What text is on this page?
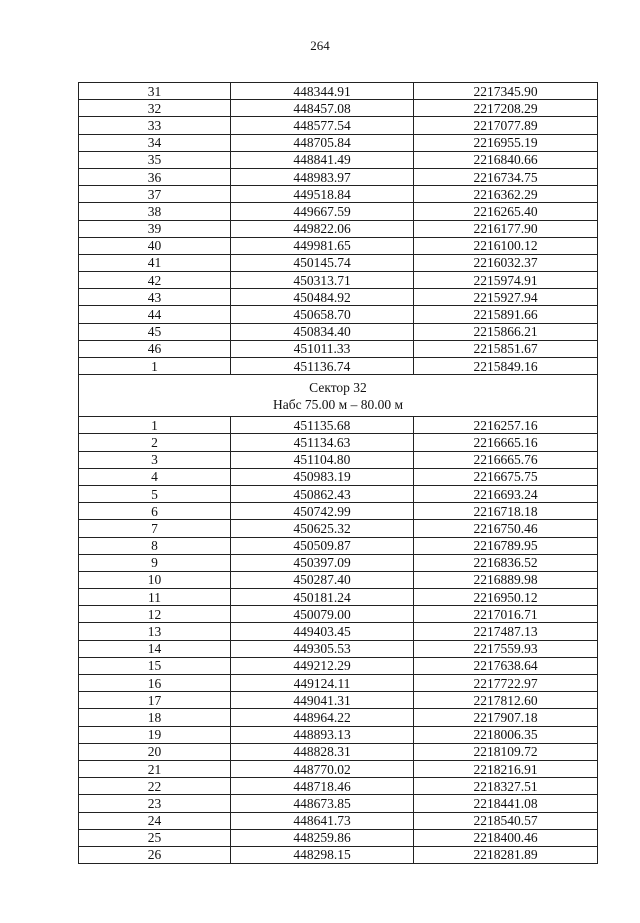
264
31	448344.91	2217345.90
32	448457.08	2217208.29
33	448577.54	2217077.89
34	448705.84	2216955.19
35	448841.49	2216840.66
36	448983.97	2216734.75
37	449518.84	2216362.29
38	449667.59	2216265.40
39	449822.06	2216177.90
40	449981.65	2216100.12
41	450145.74	2216032.37
42	450313.71	2215974.91
43	450484.92	2215927.94
44	450658.70	2215891.66
45	450834.40	2215866.21
46	451011.33	2215851.67
1	451136.74	2215849.16

Сектор 32
Набс 75.00 м – 80.00 м		

1	451135.68	2216257.16
2	451134.63	2216665.16
3	451104.80	2216665.76
4	450983.19	2216675.75
5	450862.43	2216693.24
6	450742.99	2216718.18
7	450625.32	2216750.46
8	450509.87	2216789.95
9	450397.09	2216836.52
10	450287.40	2216889.98
11	450181.24	2216950.12
12	450079.00	2217016.71
13	449403.45	2217487.13
14	449305.53	2217559.93
15	449212.29	2217638.64
16	449124.11	2217722.97
17	449041.31	2217812.60
18	448964.22	2217907.18
19	448893.13	2218006.35
20	448828.31	2218109.72
21	448770.02	2218216.91
22	448718.46	2218327.51
23	448673.85	2218441.08
24	448641.73	2218540.57
25	448259.86	2218400.46
26	448298.15	2218281.89
